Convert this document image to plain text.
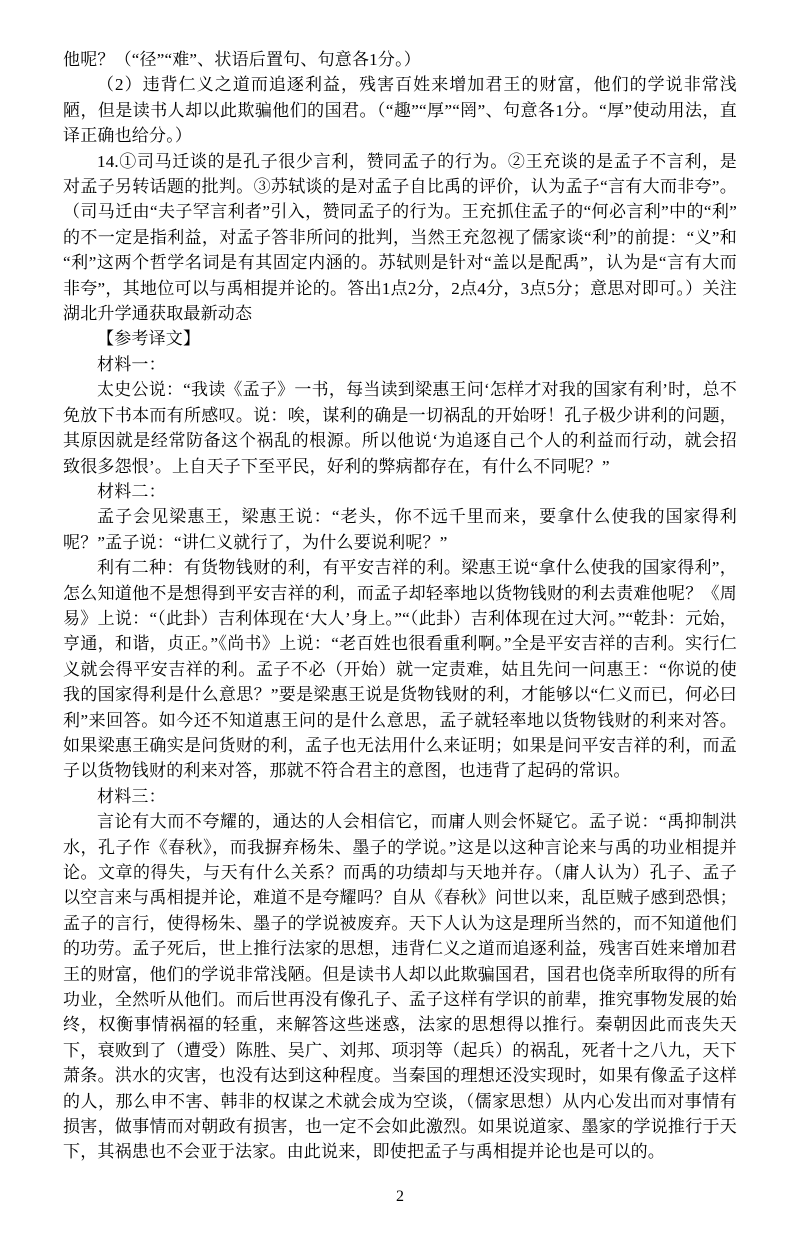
他呢？（“径”“难”、状语后置句、句意各1分。）

（2）违背仁义之道而追逐利益，残害百姓来增加君王的财富，他们的学说非常浅陋，但是读书人却以此欺骗他们的国君。（“趣”“厚”“罔”、句意各1分。“厚”使动用法，直译正确也给分。）

14.①司马迁谈的是孔子很少言利，赞同孟子的行为。②王充谈的是孟子不言利，是对孟子另转话题的批判。③苏轼谈的是对孟子自比禹的评价，认为孟子“言有大而非夸”。（司马迁由“夫子罕言利者”引入，赞同孟子的行为。王充抓住孟子的“何必言利”中的“利”的不一定是指利益，对孟子答非所问的批判，当然王充忽视了儒家谈“利”的前提：“义”和“利”这两个哲学名词是有其固定内涵的。苏轼则是针对“盖以是配禹”，认为是“言有大而非夸”，其地位可以与禹相提并论的。答出1点2分，2点4分，3点5分；意思对即可。）关注湖北升学通获取最新动态

【参考译文】

材料一：

太史公说：“我读《孟子》一书，每当读到梁惠王问‘怎样才对我的国家有利’时，总不免放下书本而有所感叹。说：唉，谋利的确是一切祸乱的开始呀！孔子极少讲利的问题，其原因就是经常防备这个祸乱的根源。所以他说‘为追逐自己个人的利益而行动，就会招致很多怨恨’。上自天子下至平民，好利的弊病都存在，有什么不同呢？”

材料二：

孟子会见梁惠王，梁惠王说：“老头，你不远千里而来，要拿什么使我的国家得利呢？”孟子说：“讲仁义就行了，为什么要说利呢？”

利有二种：有货物钱财的利，有平安吉祥的利。梁惠王说“拿什么使我的国家得利”，怎么知道他不是想得到平安吉祥的利，而孟子却轻率地以货物钱财的利去责难他呢？《周易》上说：“（此卦）吉利体现在‘大人’身上。”“（此卦）吉利体现在过大河。”“乾卦：元始，亨通，和谐，贞正。”《尚书》上说：“老百姓也很看重利啊。”全是平安吉祥的吉利。实行仁义就会得平安吉祥的利。孟子不必（开始）就一定责难，姑且先问一问惠王：“你说的使我的国家得利是什么意思？”要是梁惠王说是货物钱财的利，才能够以“仁义而已，何必曰利”来回答。如今还不知道惠王问的是什么意思，孟子就轻率地以货物钱财的利来对答。如果梁惠王确实是问货财的利，孟子也无法用什么来证明；如果是问平安吉祥的利，而孟子以货物钱财的利来对答，那就不符合君主的意图，也违背了起码的常识。

材料三：

言论有大而不夸耀的，通达的人会相信它，而庸人则会怀疑它。孟子说：“禹抑制洪水，孔子作《春秋》，而我摒弃杨朱、墨子的学说。”这是以这种言论来与禹的功业相提并论。文章的得失，与天有什么关系？而禹的功绩却与天地并存。（庸人认为）孔子、孟子以空言来与禹相提并论，难道不是夸耀吗？自从《春秋》问世以来，乱臣贼子感到恐惧；孟子的言行，使得杨朱、墨子的学说被废弃。天下人认为这是理所当然的，而不知道他们的功劳。孟子死后，世上推行法家的思想，违背仁义之道而追逐利益，残害百姓来增加君王的财富，他们的学说非常浅陋。但是读书人却以此欺骗国君，国君也侥幸所取得的所有功业，全然听从他们。而后世再没有像孔子、孟子这样有学识的前辈，推究事物发展的始终，权衡事情祸福的轻重，来解答这些迷惑，法家的思想得以推行。秦朝因此而丧失天下，衰败到了（遭受）陈胜、吴广、刘邦、项羽等（起兵）的祸乱，死者十之八九，天下萧条。洪水的灾害，也没有达到这种程度。当秦国的理想还没实现时，如果有像孟子这样的人，那么申不害、韩非的权谋之术就会成为空谈，（儒家思想）从内心发出而对事情有损害，做事情而对朝政有损害，也一定不会如此激烈。如果说道家、墨家的学说推行于天下，其祸患也不会亚于法家。由此说来，即使把孟子与禹相提并论也是可以的。

2
